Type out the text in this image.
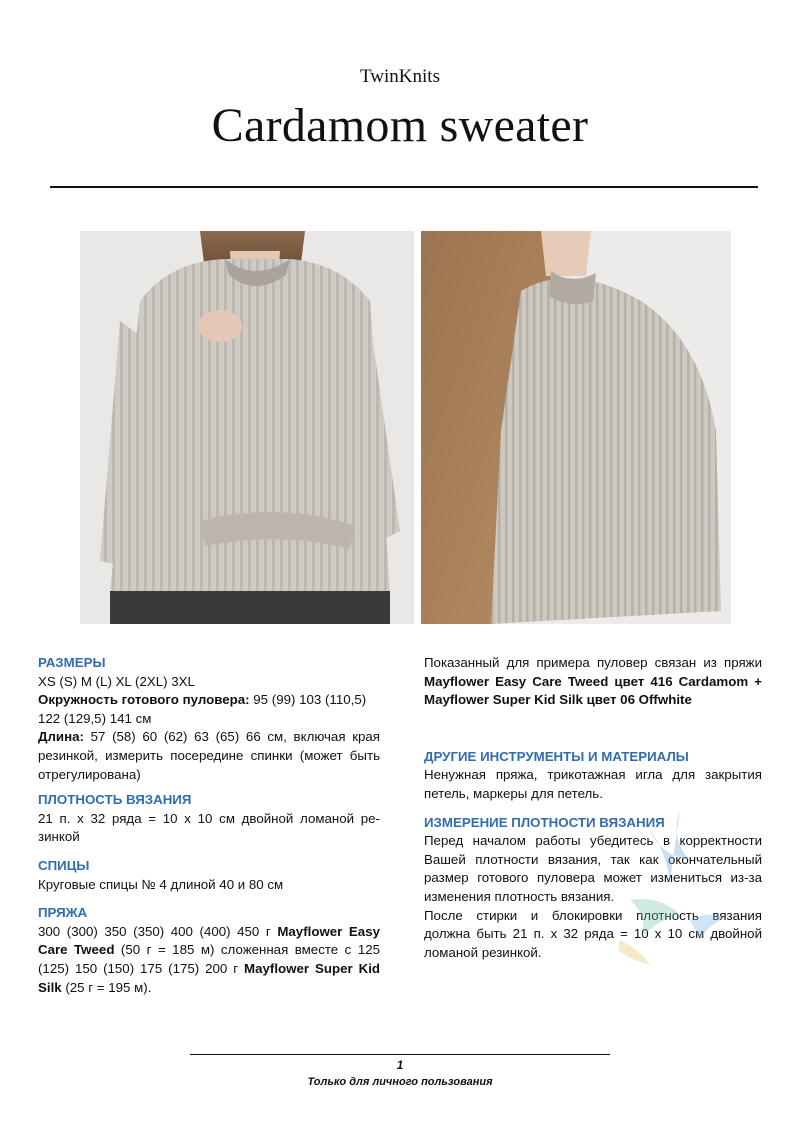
TwinKnits
Cardamom sweater

РАЗМЕРЫ

XS (S) M (L) XL (2XL) 3XL

Окружность готового пуловера: 95 (99) 103 (110,5)
122 (129,5) 141 см

Длина: 57 (58) 60 (62) 63 (65) 66 см, включая края резинкой, измерить посередине спинки (может быть отрегулирована)

ПЛОТНОСТЬ ВЯЗАНИЯ

21 п. х 32 ряда = 10 х 10 см двойной ломаной ре-зинкой

СПИЦЫ

Круговые спицы № 4 длиной 40 и 80 см

ПРЯЖА

300 (300) 350 (350) 400 (400) 450 г Mayflower Easy Care Tweed (50 г = 185 м) сложенная вместе с 125 (125) 150 (150) 175 (175) 200 г Mayflower Super Kid Silk (25 г = 195 м).

Показанный для примера пуловер связан из пряжи Mayflower Easy Care Tweed цвет 416 Cardamom + Mayflower Super Kid Silk цвет 06 Offwhite

ДРУГИЕ ИНСТРУМЕНТЫ И МАТЕРИАЛЫ

Ненужная пряжа, трикотажная игла для закрытия петель, маркеры для петель.

ИЗМЕРЕНИЕ ПЛОТНОСТИ ВЯЗАНИЯ

Перед началом работы убедитесь в корректности Вашей плотности вязания, так как окончательный размер готового пуловера может измениться из-за изменения плотность вязания.

После стирки и блокировки плотность вязания должна быть 21 п. х 32 ряда = 10 х 10 см двойной ломаной резинкой.

1
Только для личного пользования
